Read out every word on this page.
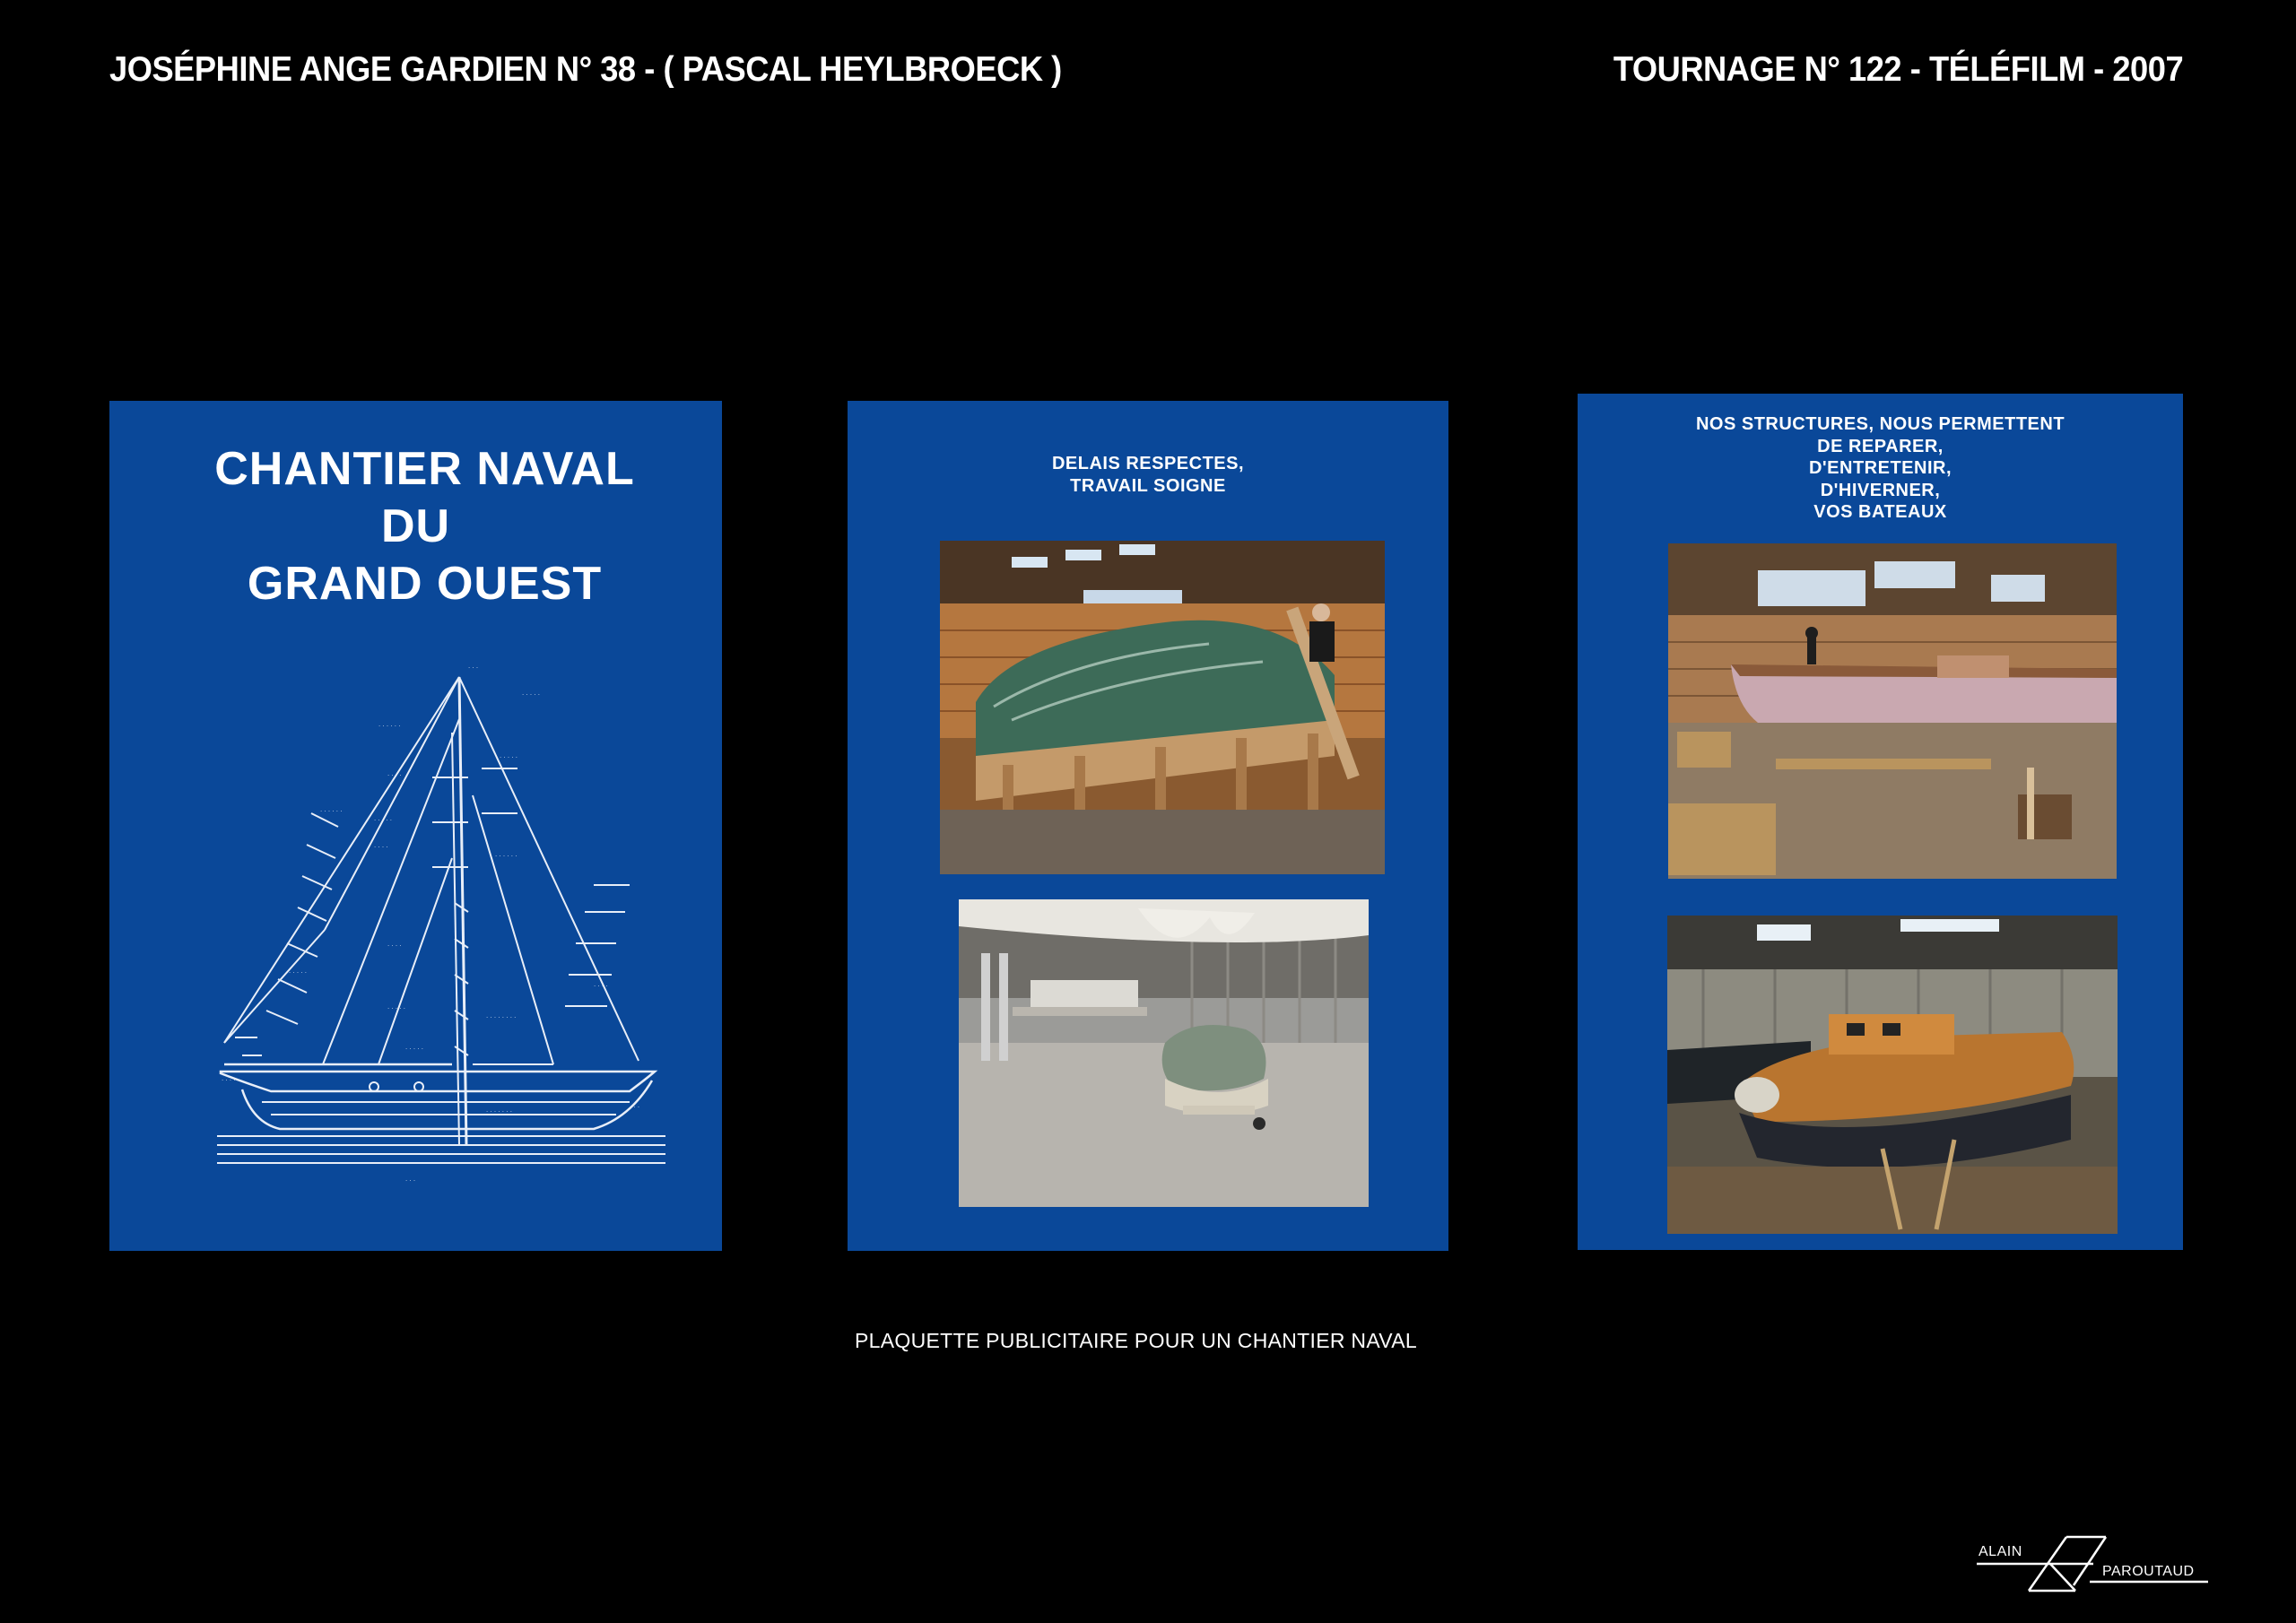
JOSÉPHINE ANGE GARDIEN N° 38 - ( PASCAL HEYLBROECK )	TOURNAGE N° 122 - TÉLÉFILM - 2007
CHANTIER NAVAL
DU
GRAND OUEST
· · ·
· · · · ·
· · · · · ·
· · · · ·
· · · ·
· · · · · ·
· · · · ·
· · · ·
· · · · · ·
· · · · ·
· · · ·
· · · ·
· · · · ·
· · · · · · · ·
· · · · ·
· · · · ·
· · · ·
· · · · · · ·
· · ·
· · ·
DELAIS RESPECTES,
TRAVAIL SOIGNE
NOS STRUCTURES, NOUS PERMETTENT
DE REPARER,
D'ENTRETENIR,
D'HIVERNER,
VOS BATEAUX
PLAQUETTE PUBLICITAIRE POUR UN CHANTIER NAVAL
ALAIN
PAROUTAUD
